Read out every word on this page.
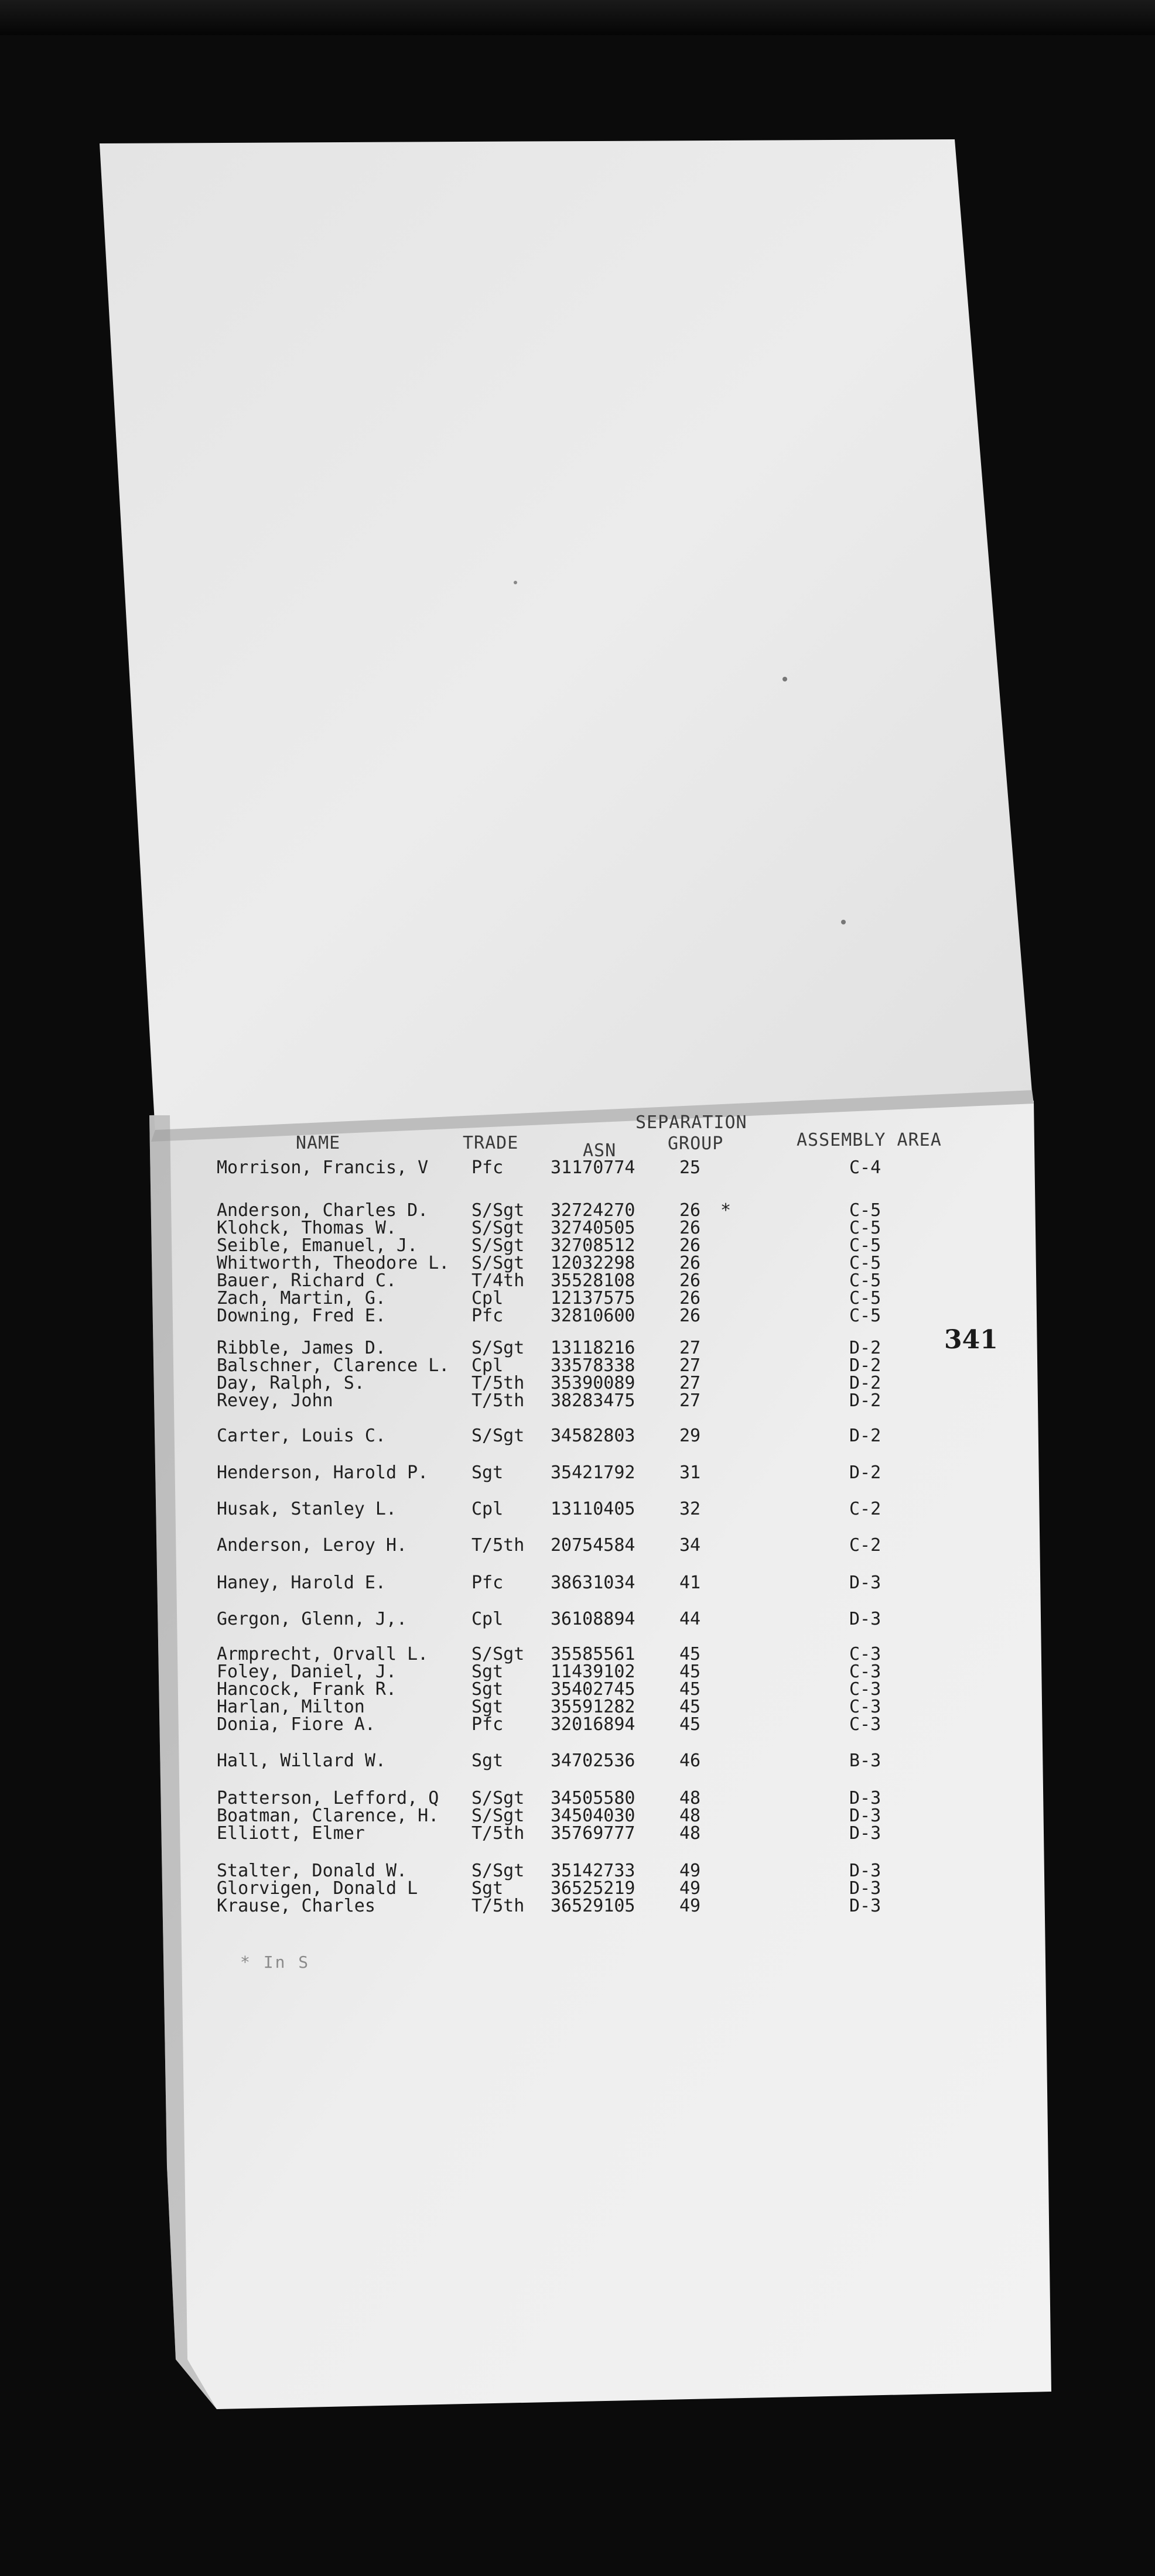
NAME	TRADE	ASN
SEPARATION
GROUP	ASSEMBLY AREA
Morrison, Francis, V Pfc	31170774	25	C-4
Anderson, Charles D. S/Sgt 32724270	26 *	C-5
Klohck, Thomas W.	S/Sgt 32740505	26	C-5
Seible, Emanuel, J.	S/Sgt 32708512	26	C-5
Whitworth, Theodore L. S/Sgt 12032298	26	C-5
Bauer, Richard C.	T/4th 35528108	26	C-5
Zach, Martin, G.	Cpl	12137575	26	C-5
Downing, Fred E.	Pfc	32810600	26	C-5
Ribble, James D.	S/Sgt 13118216	27	D-2
Balschner, Clarence L. Cpl	33578338	27	D-2
Day, Ralph, S.	T/5th 35390089	27	D-2
Revey, John	T/5th 38283475	27	D-2
Carter, Louis C.	S/Sgt 34582803	29	D-2
Henderson, Harold P. Sgt	35421792	31	D-2
Husak, Stanley L.	Cpl	13110405	32	C-2
Anderson, Leroy H.	T/5th 20754584	34	C-2
Haney, Harold E.	Pfc	38631034	41	D-3
Gergon, Glenn, J,.	Cpl	36108894	44	D-3
Armprecht, Orvall L. S/Sgt 35585561	45	C-3
Foley, Daniel, J.	Sgt	11439102	45	C-3
Hancock, Frank R.	Sgt	35402745	45	C-3
Harlan, Milton	Sgt	35591282	45	C-3
Donia, Fiore A.	Pfc	32016894	45	C-3
Hall, Willard W.	Sgt	34702536	46	B-3
Patterson, Lefford, Q S/Sgt 34505580	48	D-3
Boatman, Clarence, H. S/Sgt 34504030	48	D-3
Elliott, Elmer	T/5th 35769777	48	D-3
Stalter, Donald W.	S/Sgt 35142733	49	D-3
Glorvigen, Donald L	Sgt	36525219	49	D-3
Krause, Charles	T/5th 36529105	49	D-3
341
* In S
